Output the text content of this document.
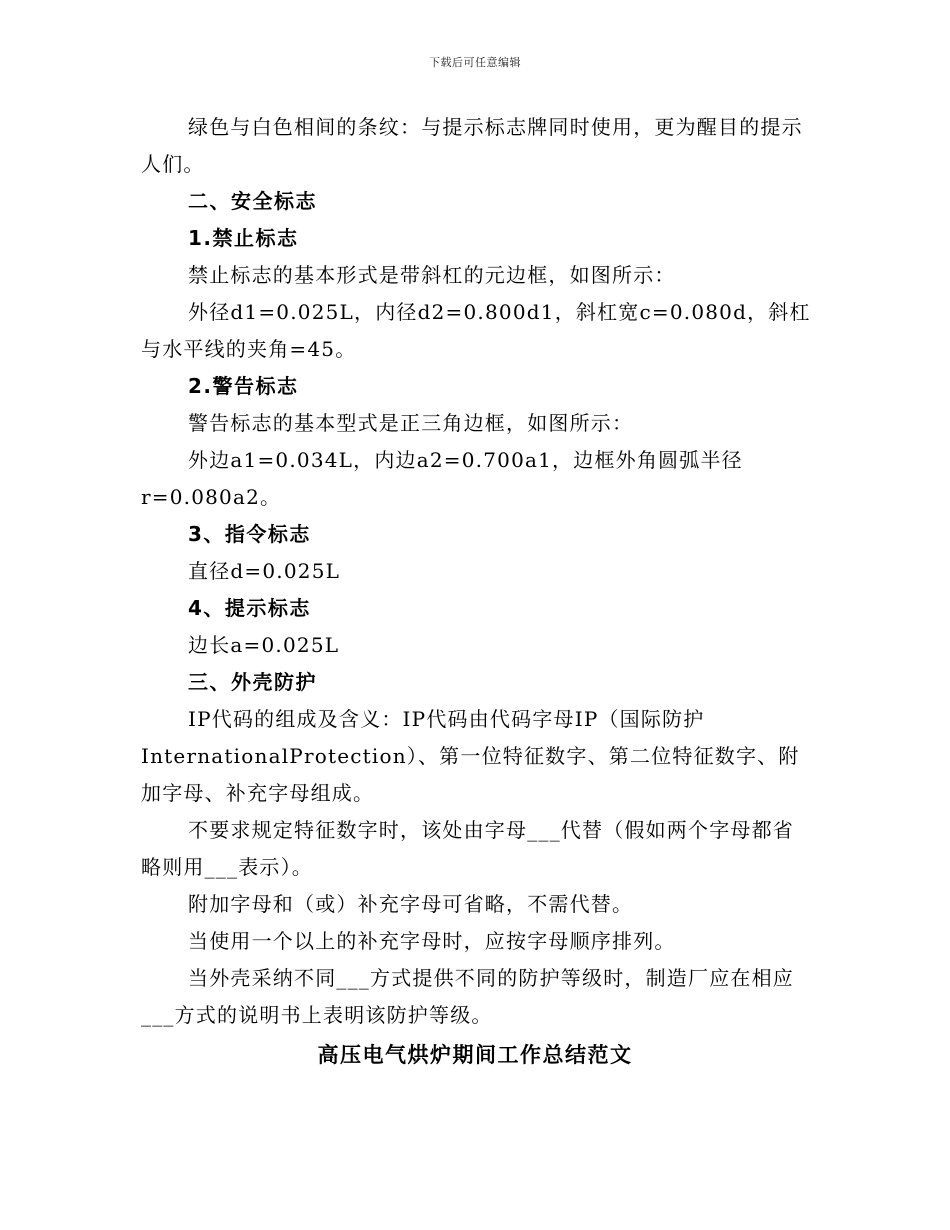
下载后可任意编辑

绿色与白色相间的条纹：与提示标志牌同时使用，更为醒目的提示人们。

二、安全标志

1.禁止标志

禁止标志的基本形式是带斜杠的元边框，如图所示：

外径d1=0.025L，内径d2=0.800d1，斜杠宽c=0.080d，斜杠与水平线的夹角=45。

2.警告标志

警告标志的基本型式是正三角边框，如图所示：

外边a1=0.034L，内边a2=0.700a1，边框外角圆弧半径

r=0.080a2。

3、指令标志

直径d=0.025L

4、提示标志

边长a=0.025L

三、外壳防护

IP代码的组成及含义：IP代码由代码字母IP（国际防护InternationalProtection）、第一位特征数字、第二位特征数字、附加字母、补充字母组成。

不要求规定特征数字时，该处由字母___代替（假如两个字母都省略则用___表示）。

附加字母和（或）补充字母可省略，不需代替。

当使用一个以上的补充字母时，应按字母顺序排列。

当外壳采纳不同___方式提供不同的防护等级时，制造厂应在相应___方式的说明书上表明该防护等级。

高压电气烘炉期间工作总结范文
